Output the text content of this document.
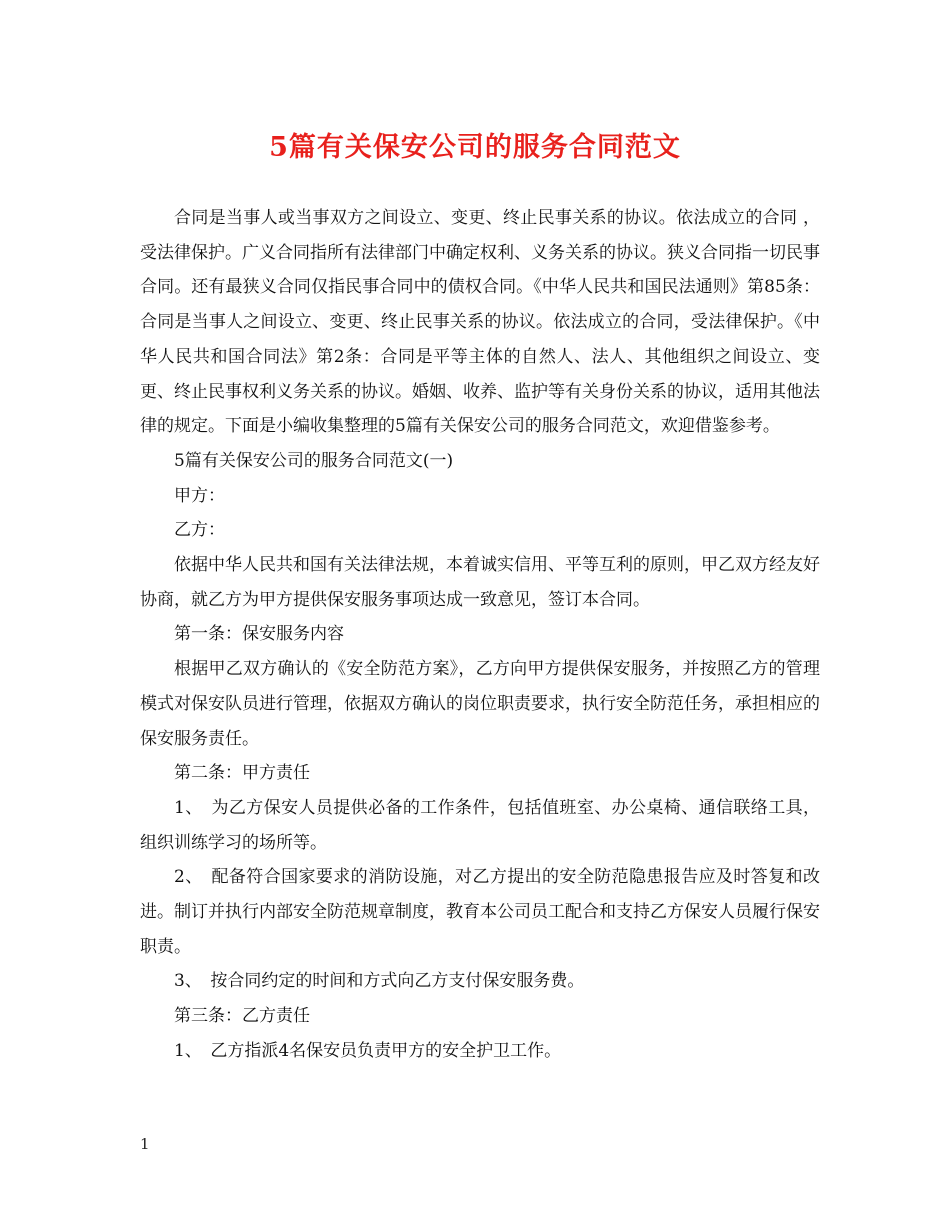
5篇有关保安公司的服务合同范文

合同是当事人或当事双方之间设立、变更、终止民事关系的协议。依法成立的合同 ，受法律保护。广义合同指所有法律部门中确定权利、义务关系的协议。狭义合同指一切民事合同。还有最狭义合同仅指民事合同中的债权合同。《中华人民共和国民法通则》第85条：合同是当事人之间设立、变更、终止民事关系的协议。依法成立的合同，受法律保护。《中华人民共和国合同法》第2条：合同是平等主体的自然人、法人、其他组织之间设立、变更、终止民事权利义务关系的协议。婚姻、收养、监护等有关身份关系的协议，适用其他法律的规定。下面是小编收集整理的5篇有关保安公司的服务合同范文，欢迎借鉴参考。

5篇有关保安公司的服务合同范文(一)

甲方：

乙方：

依据中华人民共和国有关法律法规，本着诚实信用、平等互利的原则，甲乙双方经友好协商，就乙方为甲方提供保安服务事项达成一致意见，签订本合同。

第一条：保安服务内容

根据甲乙双方确认的《安全防范方案》，乙方向甲方提供保安服务，并按照乙方的管理模式对保安队员进行管理，依据双方确认的岗位职责要求，执行安全防范任务，承担相应的保安服务责任。

第二条：甲方责任

1、　为乙方保安人员提供必备的工作条件，包括值班室、办公桌椅、通信联络工具，组织训练学习的场所等。

2、　配备符合国家要求的消防设施，对乙方提出的安全防范隐患报告应及时答复和改进。制订并执行内部安全防范规章制度，教育本公司员工配合和支持乙方保安人员履行保安职责。

3、　按合同约定的时间和方式向乙方支付保安服务费。

第三条：乙方责任

1、　乙方指派4名保安员负责甲方的安全护卫工作。

1
